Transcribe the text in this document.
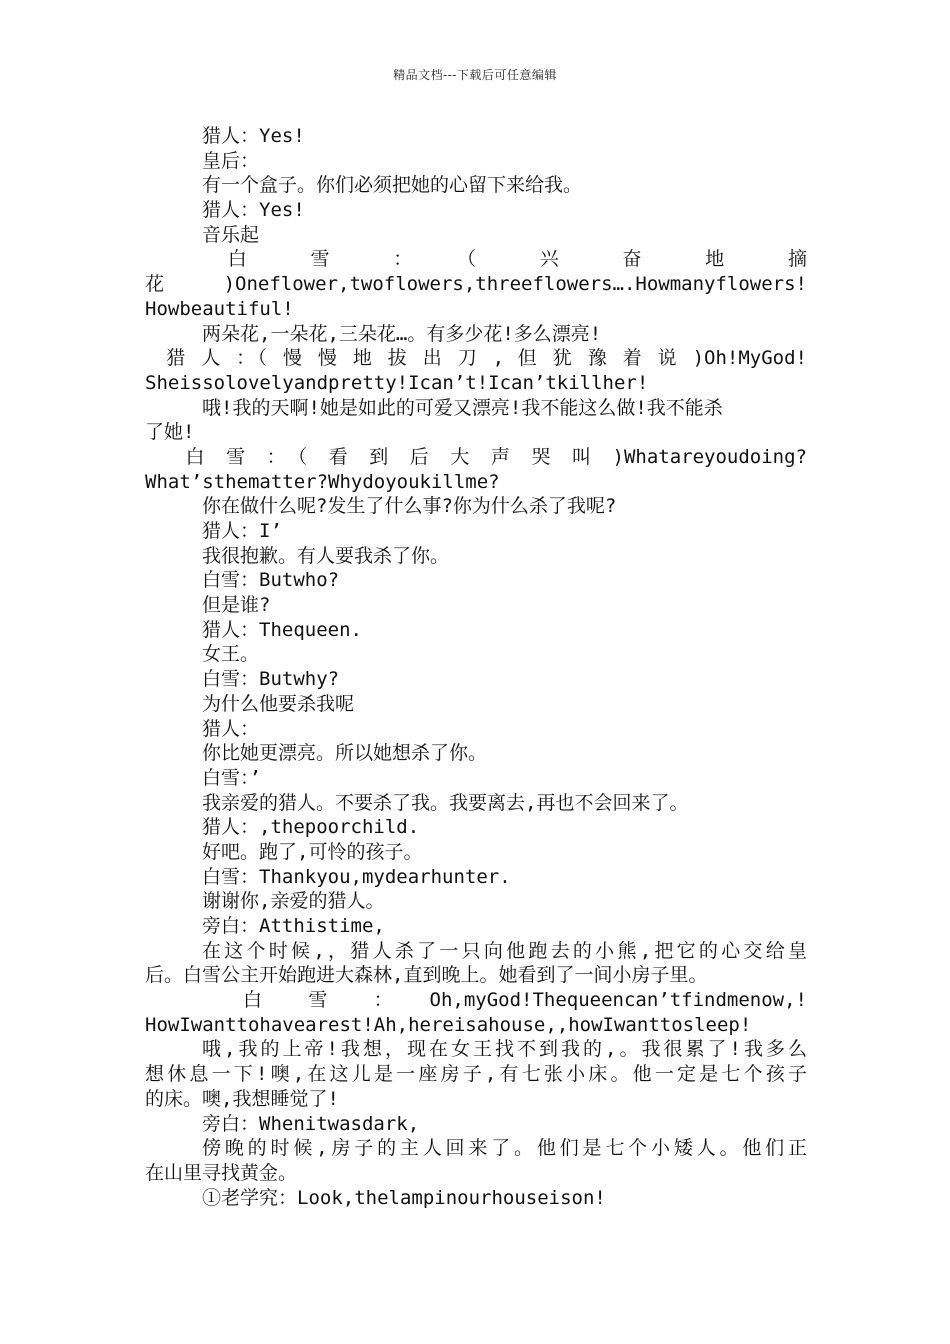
精品文档---下载后可任意编辑
猎人：Yes!
皇后：
有一个盒子。你们必须把她的心留下来给我。
猎人：Yes!
音乐起
　　　白　　雪　　：　　（　　兴　　奋　　地　　摘
花　　)Oneflower,twoflowers,threeflowers….Howmanyflowers!
Howbeautiful!
两朵花,一朵花,三朵花…。有多少花!多么漂亮!
　猎 人 ：（ 慢 慢 地 拔 出 刀 , 但 犹 豫 着 说 )Oh!MyGod!
Sheissolovelyandpretty!Ican’t!Ican’tkillher!
哦!我的天啊!她是如此的可爱又漂亮!我不能这么做!我不能杀
了她!
　　白　雪　：　（　看　到　后　大　声　哭　叫　)Whatareyoudoing?
What’sthematter?Whydoyoukillme?
你在做什么呢?发生了什么事?你为什么杀了我呢?
猎人：I’
我很抱歉。有人要我杀了你。
白雪：Butwho?
但是谁?
猎人：Thequeen.
女王。
白雪：Butwhy?
为什么他要杀我呢
猎人：
你比她更漂亮。所以她想杀了你。
白雪：’
我亲爱的猎人。不要杀了我。我要离去,再也不会回来了。
猎人：,thepoorchild.
好吧。跑了,可怜的孩子。
白雪：Thankyou,mydearhunter.
谢谢你,亲爱的猎人。
旁白：Atthistime,
在这个时候,，猎人杀了一只向他跑去的小熊,把它的心交给皇
后。白雪公主开始跑进大森林,直到晚上。她看到了一间小房子里。
　　　白　雪　：　Oh,myGod!Thequeencan’tfindmenow,!
HowIwanttohavearest!Ah,hereisahouse,,howIwanttosleep!
哦,我的上帝!我想，现在女王找不到我的,。我很累了!我多么
想休息一下!噢,在这儿是一座房子,有七张小床。他一定是七个孩子
的床。噢,我想睡觉了!
旁白：Whenitwasdark,
傍晚的时候,房子的主人回来了。他们是七个小矮人。他们正
在山里寻找黄金。
①老学究：Look,thelampinourhouseison!
